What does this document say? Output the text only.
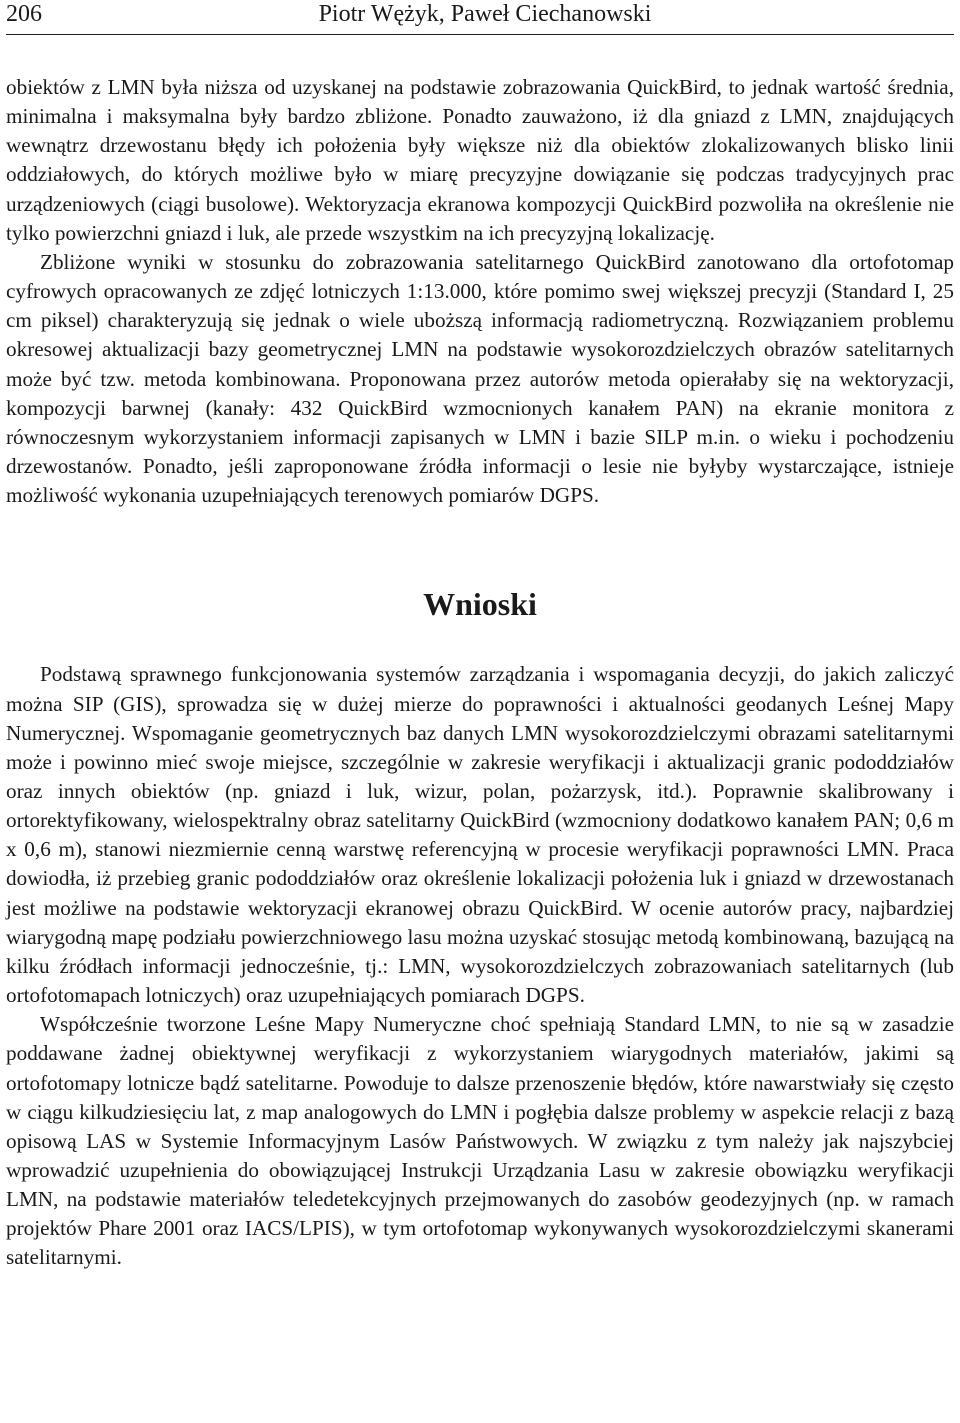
206	Piotr Wężyk, Paweł Ciechanowski

obiektów z LMN była niższa od uzyskanej na podstawie zobrazowania QuickBird, to jednak wartość średnia, minimalna i maksymalna były bardzo zbliżone. Ponadto zauważono, iż dla gniazd z LMN, znajdujących wewnątrz drzewostanu błędy ich położenia były większe niż dla obiektów zlokalizowanych blisko linii oddziałowych, do których możliwe było w miarę precyzyjne dowiązanie się podczas tradycyjnych prac urządzeniowych (ciągi busolowe). Wektoryzacja ekranowa kompozycji QuickBird pozwoliła na określenie nie tylko powierzchni gniazd i luk, ale przede wszystkim na ich precyzyjną lokalizację.

Zbliżone wyniki w stosunku do zobrazowania satelitarnego QuickBird zanotowano dla ortofotomap cyfrowych opracowanych ze zdjęć lotniczych 1:13.000, które pomimo swej większej precyzji (Standard I, 25 cm piksel) charakteryzują się jednak o wiele uboższą informacją radiometryczną. Rozwiązaniem problemu okresowej aktualizacji bazy geometrycznej LMN na podstawie wysokorozdzielczych obrazów satelitarnych może być tzw. metoda kombinowana. Proponowana przez autorów metoda opierałaby się na wektoryzacji, kompozycji barwnej (kanały: 432 QuickBird wzmocnionych kanałem PAN) na ekranie monitora z równoczesnym wykorzystaniem informacji zapisanych w LMN i bazie SILP m.in. o wieku i pochodzeniu drzewostanów. Ponadto, jeśli zaproponowane źródła informacji o lesie nie byłyby wystarczające, istnieje możliwość wykonania uzupełniających terenowych pomiarów DGPS.

Wnioski

Podstawą sprawnego funkcjonowania systemów zarządzania i wspomagania decyzji, do jakich zaliczyć można SIP (GIS), sprowadza się w dużej mierze do poprawności i aktualności geodanych Leśnej Mapy Numerycznej. Wspomaganie geometrycznych baz danych LMN wysokorozdzielczymi obrazami satelitarnymi może i powinno mieć swoje miejsce, szczególnie w zakresie weryfikacji i aktualizacji granic pododdziałów oraz innych obiektów (np. gniazd i luk, wizur, polan, pożarzysk, itd.). Poprawnie skalibrowany i ortorektyfikowany, wielospektralny obraz satelitarny QuickBird (wzmocniony dodatkowo kanałem PAN; 0,6 m x 0,6 m), stanowi niezmiernie cenną warstwę referencyjną w procesie weryfikacji poprawności LMN. Praca dowiodła, iż przebieg granic pododdziałów oraz określenie lokalizacji położenia luk i gniazd w drzewostanach jest możliwe na podstawie wektoryzacji ekranowej obrazu QuickBird. W ocenie autorów pracy, najbardziej wiarygodną mapę podziału powierzchniowego lasu można uzyskać stosując metodą kombinowaną, bazującą na kilku źródłach informacji jednocześnie, tj.: LMN, wysokorozdzielczych zobrazowaniach satelitarnych (lub ortofotomapach lotniczych) oraz uzupełniających pomiarach DGPS.

Współcześnie tworzone Leśne Mapy Numeryczne choć spełniają Standard LMN, to nie są w zasadzie poddawane żadnej obiektywnej weryfikacji z wykorzystaniem wiarygodnych materiałów, jakimi są ortofotomapy lotnicze bądź satelitarne. Powoduje to dalsze przenoszenie błędów, które nawarstwiały się często w ciągu kilkudziesięciu lat, z map analogowych do LMN i pogłębia dalsze problemy w aspekcie relacji z bazą opisową LAS w Systemie Informacyjnym Lasów Państwowych. W związku z tym należy jak najszybciej wprowadzić uzupełnienia do obowiązującej Instrukcji Urządzania Lasu w zakresie obowiązku weryfikacji LMN, na podstawie materiałów teledetekcyjnych przejmowanych do zasobów geodezyjnych (np. w ramach projektów Phare 2001 oraz IACS/LPIS), w tym ortofotomap wykonywanych wysokorozdzielczymi skanerami satelitarnymi.
